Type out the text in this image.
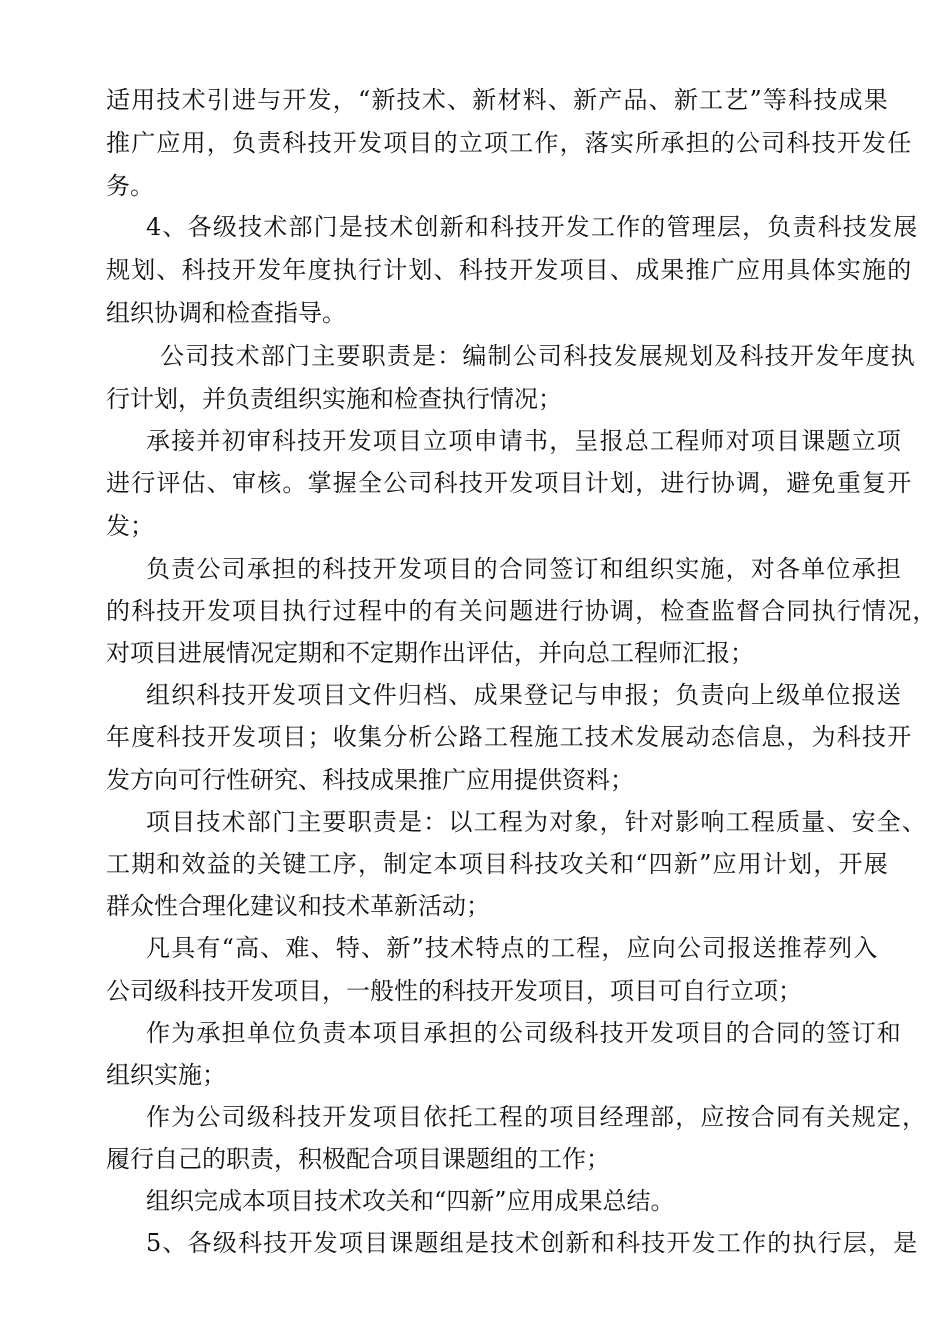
适用技术引进与开发，“新技术、新材料、新产品、新工艺”等科技成果
推广应用，负责科技开发项目的立项工作，落实所承担的公司科技开发任
务。
4、各级技术部门是技术创新和科技开发工作的管理层，负责科技发展
规划、科技开发年度执行计划、科技开发项目、成果推广应用具体实施的
组织协调和检查指导。
公司技术部门主要职责是：编制公司科技发展规划及科技开发年度执
行计划，并负责组织实施和检查执行情况；
承接并初审科技开发项目立项申请书，呈报总工程师对项目课题立项
进行评估、审核。掌握全公司科技开发项目计划，进行协调，避免重复开
发；
负责公司承担的科技开发项目的合同签订和组织实施，对各单位承担
的科技开发项目执行过程中的有关问题进行协调，检查监督合同执行情况，
对项目进展情况定期和不定期作出评估，并向总工程师汇报；
组织科技开发项目文件归档、成果登记与申报；负责向上级单位报送
年度科技开发项目；收集分析公路工程施工技术发展动态信息，为科技开
发方向可行性研究、科技成果推广应用提供资料；
项目技术部门主要职责是：以工程为对象，针对影响工程质量、安全、
工期和效益的关键工序，制定本项目科技攻关和“四新”应用计划，开展
群众性合理化建议和技术革新活动；
凡具有“高、难、特、新”技术特点的工程，应向公司报送推荐列入
公司级科技开发项目，一般性的科技开发项目，项目可自行立项；
作为承担单位负责本项目承担的公司级科技开发项目的合同的签订和
组织实施；
作为公司级科技开发项目依托工程的项目经理部，应按合同有关规定，
履行自己的职责，积极配合项目课题组的工作；
组织完成本项目技术攻关和“四新”应用成果总结。
5、各级科技开发项目课题组是技术创新和科技开发工作的执行层，是
